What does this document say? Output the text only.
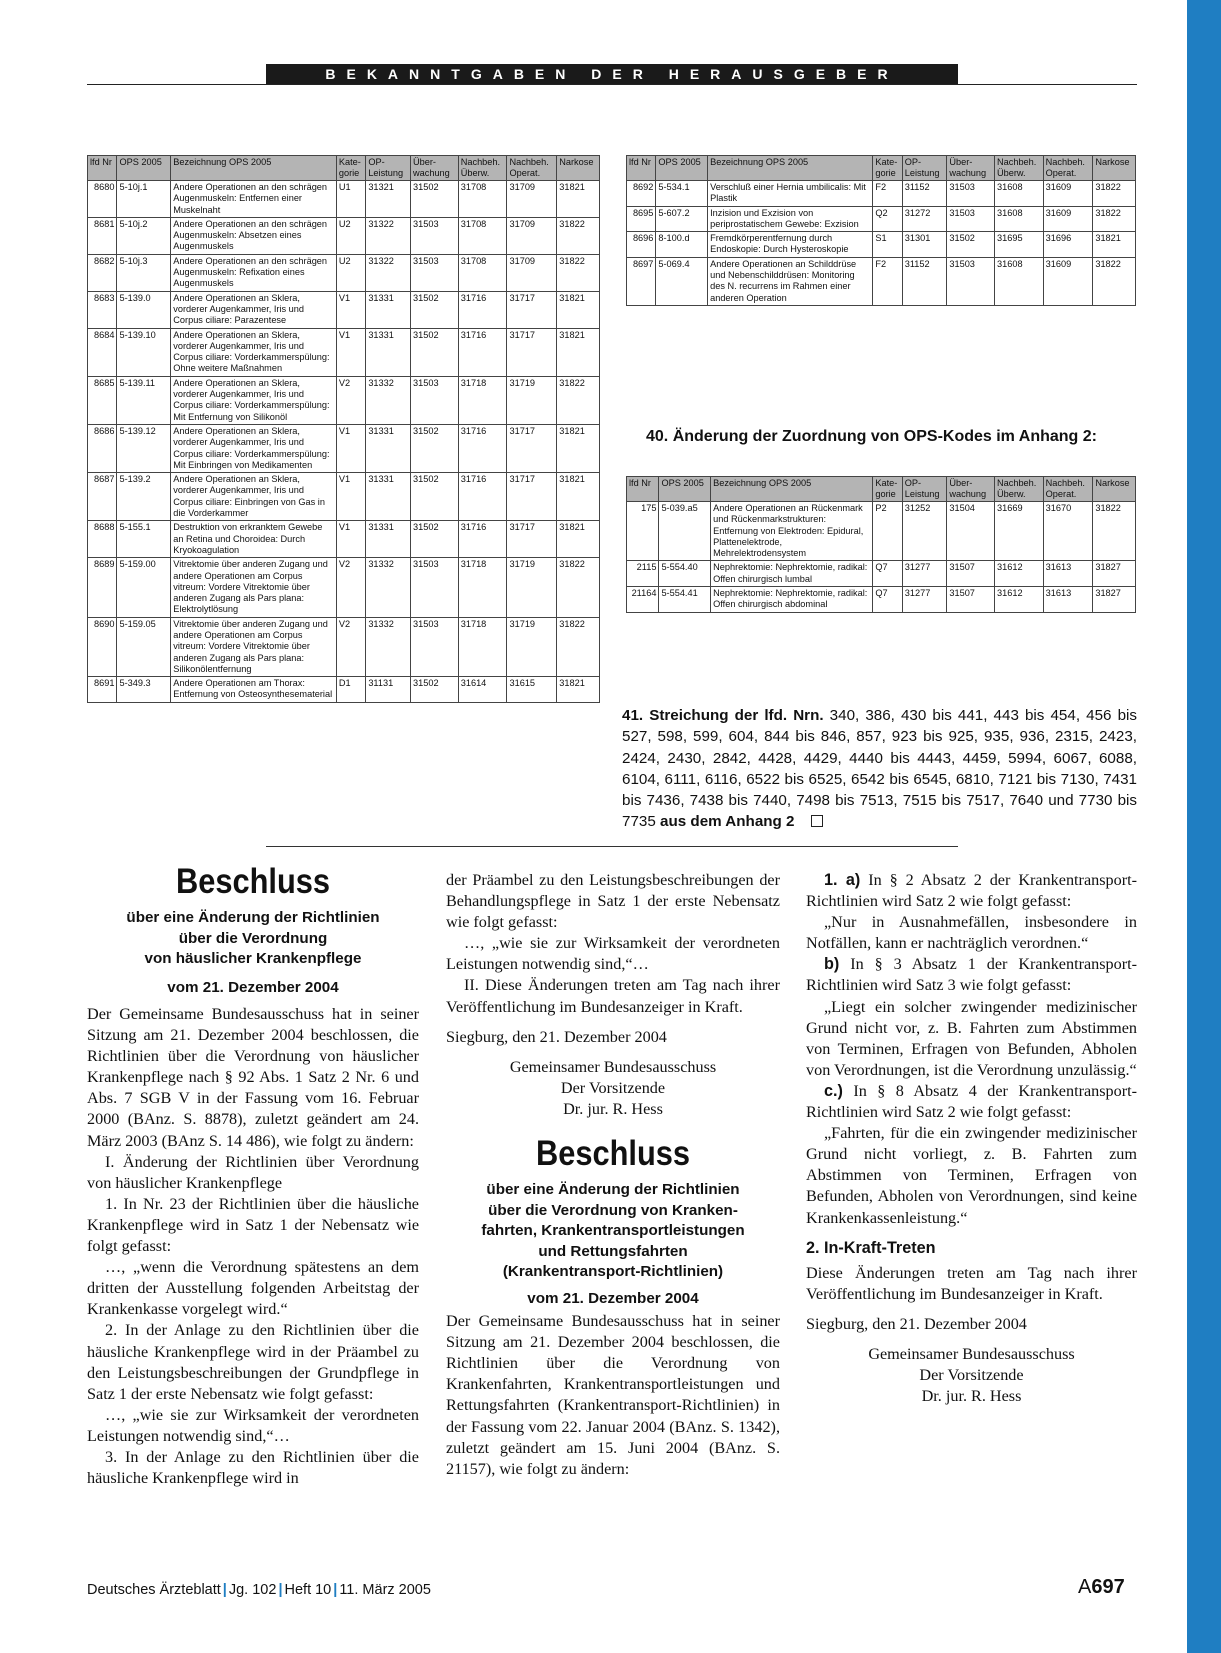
BEKANNTGABEN DER HERAUSGEBER
lfd Nr	OPS 2005	Bezeichnung OPS 2005	Kate-gorie	OP-Leistung	Über-wachung	Nachbeh. Überw.	Nachbeh. Operat.	Narkose
8680	5-10j.1	Andere Operationen an den schrägen Augenmuskeln: Entfernen einer Muskelnaht	U1	31321	31502	31708	31709	31821
8681	5-10j.2	Andere Operationen an den schrägen Augenmuskeln: Absetzen eines Augenmuskels	U2	31322	31503	31708	31709	31822
8682	5-10j.3	Andere Operationen an den schrägen Augenmuskeln: Refixation eines Augenmuskels	U2	31322	31503	31708	31709	31822
8683	5-139.0	Andere Operationen an Sklera, vorderer Augenkammer, Iris und Corpus ciliare: Parazentese	V1	31331	31502	31716	31717	31821
8684	5-139.10	Andere Operationen an Sklera, vorderer Augenkammer, Iris und Corpus ciliare: Vorderkammerspülung: Ohne weitere Maßnahmen	V1	31331	31502	31716	31717	31821
8685	5-139.11	Andere Operationen an Sklera, vorderer Augenkammer, Iris und Corpus ciliare: Vorderkammerspülung: Mit Entfernung von Silikonöl	V2	31332	31503	31718	31719	31822
8686	5-139.12	Andere Operationen an Sklera, vorderer Augenkammer, Iris und Corpus ciliare: Vorderkammerspülung: Mit Einbringen von Medikamenten	V1	31331	31502	31716	31717	31821
8687	5-139.2	Andere Operationen an Sklera, vorderer Augenkammer, Iris und Corpus ciliare: Einbringen von Gas in die Vorderkammer	V1	31331	31502	31716	31717	31821
8688	5-155.1	Destruktion von erkranktem Gewebe an Retina und Choroidea: Durch Kryokoagulation	V1	31331	31502	31716	31717	31821
8689	5-159.00	Vitrektomie über anderen Zugang und andere Operationen am Corpus vitreum: Vordere Vitrektomie über anderen Zugang als Pars plana: Elektrolytlösung	V2	31332	31503	31718	31719	31822
8690	5-159.05	Vitrektomie über anderen Zugang und andere Operationen am Corpus vitreum: Vordere Vitrektomie über anderen Zugang als Pars plana: Silikonölentfernung	V2	31332	31503	31718	31719	31822
8691	5-349.3	Andere Operationen am Thorax: Entfernung von Osteosynthesematerial	D1	31131	31502	31614	31615	31821
lfd Nr	OPS 2005	Bezeichnung OPS 2005	Kate-gorie	OP-Leistung	Über-wachung	Nachbeh. Überw.	Nachbeh. Operat.	Narkose
8692	5-534.1	Verschluß einer Hernia umbilicalis: Mit Plastik	F2	31152	31503	31608	31609	31822
8695	5-607.2	Inzision und Exzision von periprostatischem Gewebe: Exzision	Q2	31272	31503	31608	31609	31822
8696	8-100.d	Fremdkörperentfernung durch Endoskopie: Durch Hysteroskopie	S1	31301	31502	31695	31696	31821
8697	5-069.4	Andere Operationen an Schilddrüse und Nebenschilddrüsen: Monitoring des N. recurrens im Rahmen einer anderen Operation	F2	31152	31503	31608	31609	31822
40. Änderung der Zuordnung von OPS-Kodes im Anhang 2:
lfd Nr	OPS 2005	Bezeichnung OPS 2005	Kate-gorie	OP-Leistung	Über-wachung	Nachbeh. Überw.	Nachbeh. Operat.	Narkose
175	5-039.a5	Andere Operationen an Rückenmark und Rückenmarkstrukturen: Entfernung von Elektroden: Epidural, Plattenelektrode, Mehrelektrodensystem	P2	31252	31504	31669	31670	31822
2115	5-554.40	Nephrektomie: Nephrektomie, radikal: Offen chirurgisch lumbal	Q7	31277	31507	31612	31613	31827
21164	5-554.41	Nephrektomie: Nephrektomie, radikal: Offen chirurgisch abdominal	Q7	31277	31507	31612	31613	31827
41. Streichung der lfd. Nrn. 340, 386, 430 bis 441, 443 bis 454, 456 bis 527, 598, 599, 604, 844 bis 846, 857, 923 bis 925, 935, 936, 2315, 2423, 2424, 2430, 2842, 4428, 4429, 4440 bis 4443, 4459, 5994, 6067, 6088, 6104, 6111, 6116, 6522 bis 6525, 6542 bis 6545, 6810, 7121 bis 7130, 7431 bis 7436, 7438 bis 7440, 7498 bis 7513, 7515 bis 7517, 7640 und 7730 bis 7735 aus dem Anhang 2
Beschluss
über eine Änderung der Richtlinien
über die Verordnung
von häuslicher Krankenpflege
vom 21. Dezember 2004

Der Gemeinsame Bundesausschuss hat in seiner Sitzung am 21. Dezember 2004 beschlossen, die Richtlinien über die Verordnung von häuslicher Krankenpflege nach § 92 Abs. 1 Satz 2 Nr. 6 und Abs. 7 SGB V in der Fassung vom 16. Februar 2000 (BAnz. S. 8878), zuletzt geändert am 24. März 2003 (BAnz S. 14 486), wie folgt zu ändern:

I. Änderung der Richtlinien über Verordnung von häuslicher Krankenpflege

1. In Nr. 23 der Richtlinien über die häusliche Krankenpflege wird in Satz 1 der Nebensatz wie folgt gefasst:

…, „wenn die Verordnung spätestens an dem dritten der Ausstellung folgenden Arbeitstag der Krankenkasse vorgelegt wird.“

2. In der Anlage zu den Richtlinien über die häusliche Krankenpflege wird in der Präambel zu den Leistungsbeschreibungen der Grundpflege in Satz 1 der erste Nebensatz wie folgt gefasst:

…, „wie sie zur Wirksamkeit der verordneten Leistungen notwendig sind,“…

3. In der Anlage zu den Richtlinien über die häusliche Krankenpflege wird in

der Präambel zu den Leistungsbeschreibungen der Behandlungspflege in Satz 1 der erste Nebensatz wie folgt gefasst:

…, „wie sie zur Wirksamkeit der verordneten Leistungen notwendig sind,“…

II. Diese Änderungen treten am Tag nach ihrer Veröffentlichung im Bundesanzeiger in Kraft.

Siegburg, den 21. Dezember 2004

Gemeinsamer Bundesausschuss
Der Vorsitzende
Dr. jur. R. Hess
Beschluss
über eine Änderung der Richtlinien
über die Verordnung von Kranken-
fahrten, Krankentransportleistungen
und Rettungsfahrten
(Krankentransport-Richtlinien)
vom 21. Dezember 2004

Der Gemeinsame Bundesausschuss hat in seiner Sitzung am 21. Dezember 2004 beschlossen, die Richtlinien über die Verordnung von Krankenfahrten, Krankentransportleistungen und Rettungsfahrten (Krankentransport-Richtlinien) in der Fassung vom 22. Januar 2004 (BAnz. S. 1342), zuletzt geändert am 15. Juni 2004 (BAnz. S. 21157), wie folgt zu ändern:

1. a) In § 2 Absatz 2 der Krankentransport-Richtlinien wird Satz 2 wie folgt gefasst:

„Nur in Ausnahmefällen, insbesondere in Notfällen, kann er nachträglich verordnen.“

b) In § 3 Absatz 1 der Krankentransport-Richtlinien wird Satz 3 wie folgt gefasst:

„Liegt ein solcher zwingender medizinischer Grund nicht vor, z. B. Fahrten zum Abstimmen von Terminen, Erfragen von Befunden, Abholen von Verordnungen, ist die Verordnung unzulässig.“

c.) In § 8 Absatz 4 der Krankentransport-Richtlinien wird Satz 2 wie folgt gefasst:

„Fahrten, für die ein zwingender medizinischer Grund nicht vorliegt, z. B. Fahrten zum Abstimmen von Terminen, Erfragen von Befunden, Abholen von Verordnungen, sind keine Krankenkassenleistung.“

2. In-Kraft-Treten

Diese Änderungen treten am Tag nach ihrer Veröffentlichung im Bundesanzeiger in Kraft.

Siegburg, den 21. Dezember 2004

Gemeinsamer Bundesausschuss
Der Vorsitzende
Dr. jur. R. Hess
Deutsches Ärzteblatt | Jg. 102 | Heft 10 | 11. März 2005	A697
